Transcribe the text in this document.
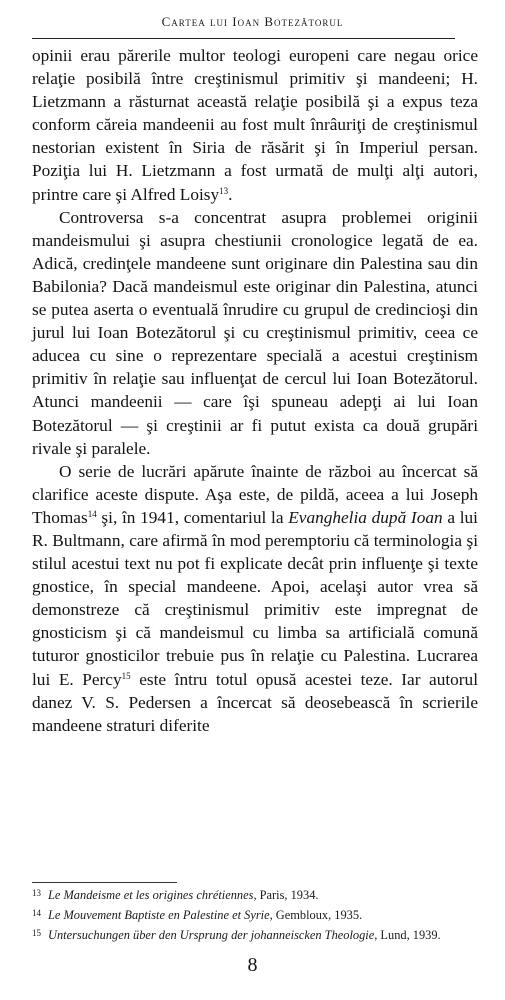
Cartea lui Ioan Botezătorul

opinii erau părerile multor teologi europeni care negau orice relaţie posibilă între creştinismul primitiv şi mandeeni; H. Lietzmann a răsturnat această relaţie posibilă şi a expus teza conform căreia mandeenii au fost mult înrâuriţi de creştinismul nestorian existent în Siria de răsărit şi în Imperiul persan. Poziţia lui H. Lietzmann a fost urmată de mulţi alţi autori, printre care şi Alfred Loisy$^{13}$.

Controversa s-a concentrat asupra problemei originii mandeismului şi asupra chestiunii cronologice legată de ea. Adică, credinţele mandeene sunt originare din Palestina sau din Babilonia? Dacă mandeismul este originar din Palestina, atunci se putea aserta o eventuală înrudire cu grupul de credincioşi din jurul lui Ioan Botezătorul şi cu creştinismul primitiv, ceea ce aducea cu sine o reprezentare specială a acestui creştinism primitiv în relaţie sau influenţat de cercul lui Ioan Botezătorul. Atunci mandeenii — care îşi spuneau adepţi ai lui Ioan Botezătorul — şi creştinii ar fi putut exista ca două grupări rivale şi paralele.

O serie de lucrări apărute înainte de război au încercat să clarifice aceste dispute. Aşa este, de pildă, aceea a lui Joseph Thomas$^{14}$ şi, în 1941, comentariul la Evanghelia după Ioan a lui R. Bultmann, care afirmă în mod peremptoriu că terminologia şi stilul acestui text nu pot fi explicate decât prin influenţe şi texte gnostice, în special mandeene. Apoi, acelaşi autor vrea să demonstreze că creştinismul primitiv este impregnat de gnosticism şi că mandeismul cu limba sa artificială comună tuturor gnosticilor trebuie pus în relaţie cu Palestina. Lucrarea lui E. Percy$^{15}$ este întru totul opusă acestei teze. Iar autorul danez V. S. Pedersen a încercat să deosebească în scrierile mandeene straturi diferite

13 Le Mandeisme et les origines chrétiennes, Paris, 1934.

14 Le Mouvement Baptiste en Palestine et Syrie, Gembloux, 1935.

15 Untersuchungen über den Ursprung der johanneiscken Theologie, Lund, 1939.

8
